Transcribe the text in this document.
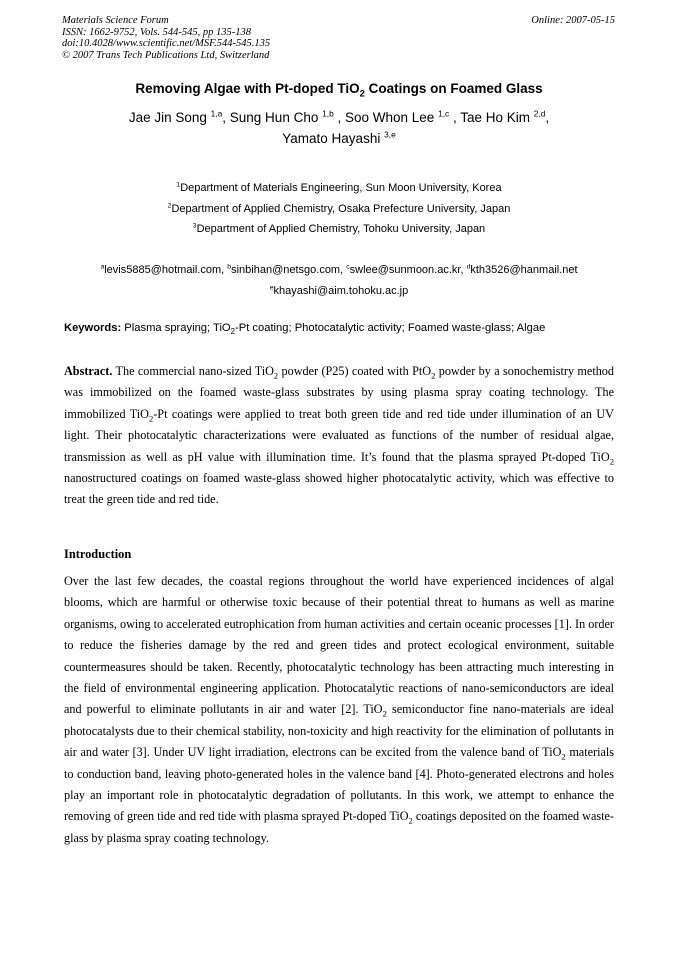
Materials Science Forum
ISSN: 1662-9752, Vols. 544-545, pp 135-138
doi:10.4028/www.scientific.net/MSF.544-545.135
© 2007 Trans Tech Publications Ltd, Switzerland
Online: 2007-05-15
Removing Algae with Pt-doped TiO$_2$ Coatings on Foamed Glass
Jae Jin Song $^{1,a}$, Sung Hun Cho $^{1,b}$ , Soo Whon Lee $^{1,c}$ , Tae Ho Kim $^{2,d}$,
Yamato Hayashi $^{3,e}$
$^1$Department of Materials Engineering, Sun Moon University, Korea
$^2$Department of Applied Chemistry, Osaka Prefecture University, Japan
$^3$Department of Applied Chemistry, Tohoku University, Japan
$^a$levis5885@hotmail.com, $^b$sinbihan@netsgo.com, $^c$swlee@sunmoon.ac.kr, $^d$kth3526@hanmail.net
$^e$khayashi@aim.tohoku.ac.jp
Keywords: Plasma spraying; TiO$_2$-Pt coating; Photocatalytic activity; Foamed waste-glass; Algae
Abstract. The commercial nano-sized TiO$_2$ powder (P25) coated with PtO$_2$ powder by a sonochemistry method was immobilized on the foamed waste-glass substrates by using plasma spray coating technology. The immobilized TiO$_2$-Pt coatings were applied to treat both green tide and red tide under illumination of an UV light. Their photocatalytic characterizations were evaluated as functions of the number of residual algae, transmission as well as pH value with illumination time. It’s found that the plasma sprayed Pt-doped TiO$_2$ nanostructured coatings on foamed waste-glass showed higher photocatalytic activity, which was effective to treat the green tide and red tide.
Introduction
Over the last few decades, the coastal regions throughout the world have experienced incidences of algal blooms, which are harmful or otherwise toxic because of their potential threat to humans as well as marine organisms, owing to accelerated eutrophication from human activities and certain oceanic processes [1]. In order to reduce the fisheries damage by the red and green tides and protect ecological environment, suitable countermeasures should be taken. Recently, photocatalytic technology has been attracting much interesting in the field of environmental engineering application. Photocatalytic reactions of nano-semiconductors are ideal and powerful to eliminate pollutants in air and water [2]. TiO$_2$ semiconductor fine nano-materials are ideal photocatalysts due to their chemical stability, non-toxicity and high reactivity for the elimination of pollutants in air and water [3]. Under UV light irradiation, electrons can be excited from the valence band of TiO$_2$ materials to conduction band, leaving photo-generated holes in the valence band [4]. Photo-generated electrons and holes play an important role in photocatalytic degradation of pollutants. In this work, we attempt to enhance the removing of green tide and red tide with plasma sprayed Pt-doped TiO$_2$ coatings deposited on the foamed waste-glass by plasma spray coating technology.
